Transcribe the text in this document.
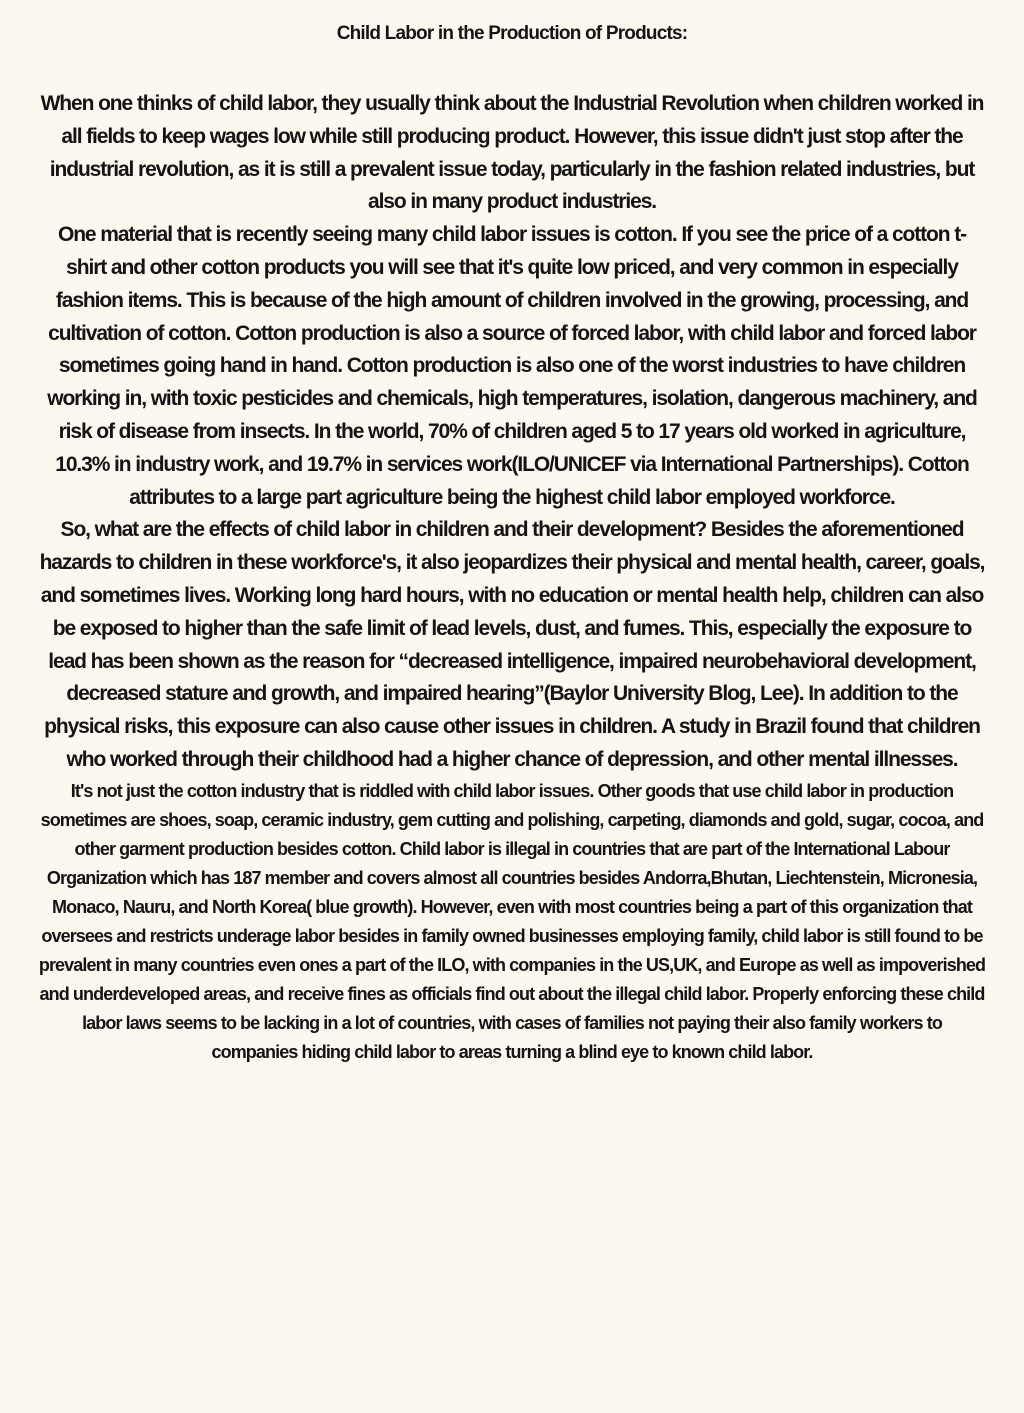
Child Labor in the Production of Products:

When one thinks of child labor, they usually think about the Industrial Revolution when children worked in all fields to keep wages low while still producing product. However, this issue didn't just stop after the industrial revolution, as it is still a prevalent issue today, particularly in the fashion related industries, but also in many product industries.

One material that is recently seeing many child labor issues is cotton. If you see the price of a cotton t- shirt and other cotton products you will see that it's quite low priced, and very common in especially fashion items. This is because of the high amount of children involved in the growing, processing, and cultivation of cotton. Cotton production is also a source of forced labor, with child labor and forced labor sometimes going hand in hand. Cotton production is also one of the worst industries to have children working in, with toxic pesticides and chemicals, high temperatures, isolation, dangerous machinery, and risk of disease from insects. In the world, 70% of children aged 5 to 17 years old worked in agriculture, 10.3% in industry work, and 19.7% in services work(ILO/UNICEF via International Partnerships). Cotton attributes to a large part agriculture being the highest child labor employed workforce.

So, what are the effects of child labor in children and their development? Besides the aforementioned hazards to children in these workforce's, it also jeopardizes their physical and mental health, career, goals, and sometimes lives. Working long hard hours, with no education or mental health help, children can also be exposed to higher than the safe limit of lead levels, dust, and fumes. This, especially the exposure to lead has been shown as the reason for “decreased intelligence, impaired neurobehavioral development, decreased stature and growth, and impaired hearing”(Baylor University Blog, Lee). In addition to the physical risks, this exposure can also cause other issues in children. A study in Brazil found that children who worked through their childhood had a higher chance of depression, and other mental illnesses.

It's not just the cotton industry that is riddled with child labor issues. Other goods that use child labor in production sometimes are shoes, soap, ceramic industry, gem cutting and polishing, carpeting, diamonds and gold, sugar, cocoa, and other garment production besides cotton. Child labor is illegal in countries that are part of the International Labour Organization which has 187 member and covers almost all countries besides Andorra,Bhutan, Liechtenstein, Micronesia, Monaco, Nauru, and North Korea( blue growth). However, even with most countries being a part of this organization that oversees and restricts underage labor besides in family owned businesses employing family, child labor is still found to be prevalent in many countries even ones a part of the ILO, with companies in the US,UK, and Europe as well as impoverished and underdeveloped areas, and receive fines as officials find out about the illegal child labor. Properly enforcing these child labor laws seems to be lacking in a lot of countries, with cases of families not paying their also family workers to companies hiding child labor to areas turning a blind eye to known child labor.
